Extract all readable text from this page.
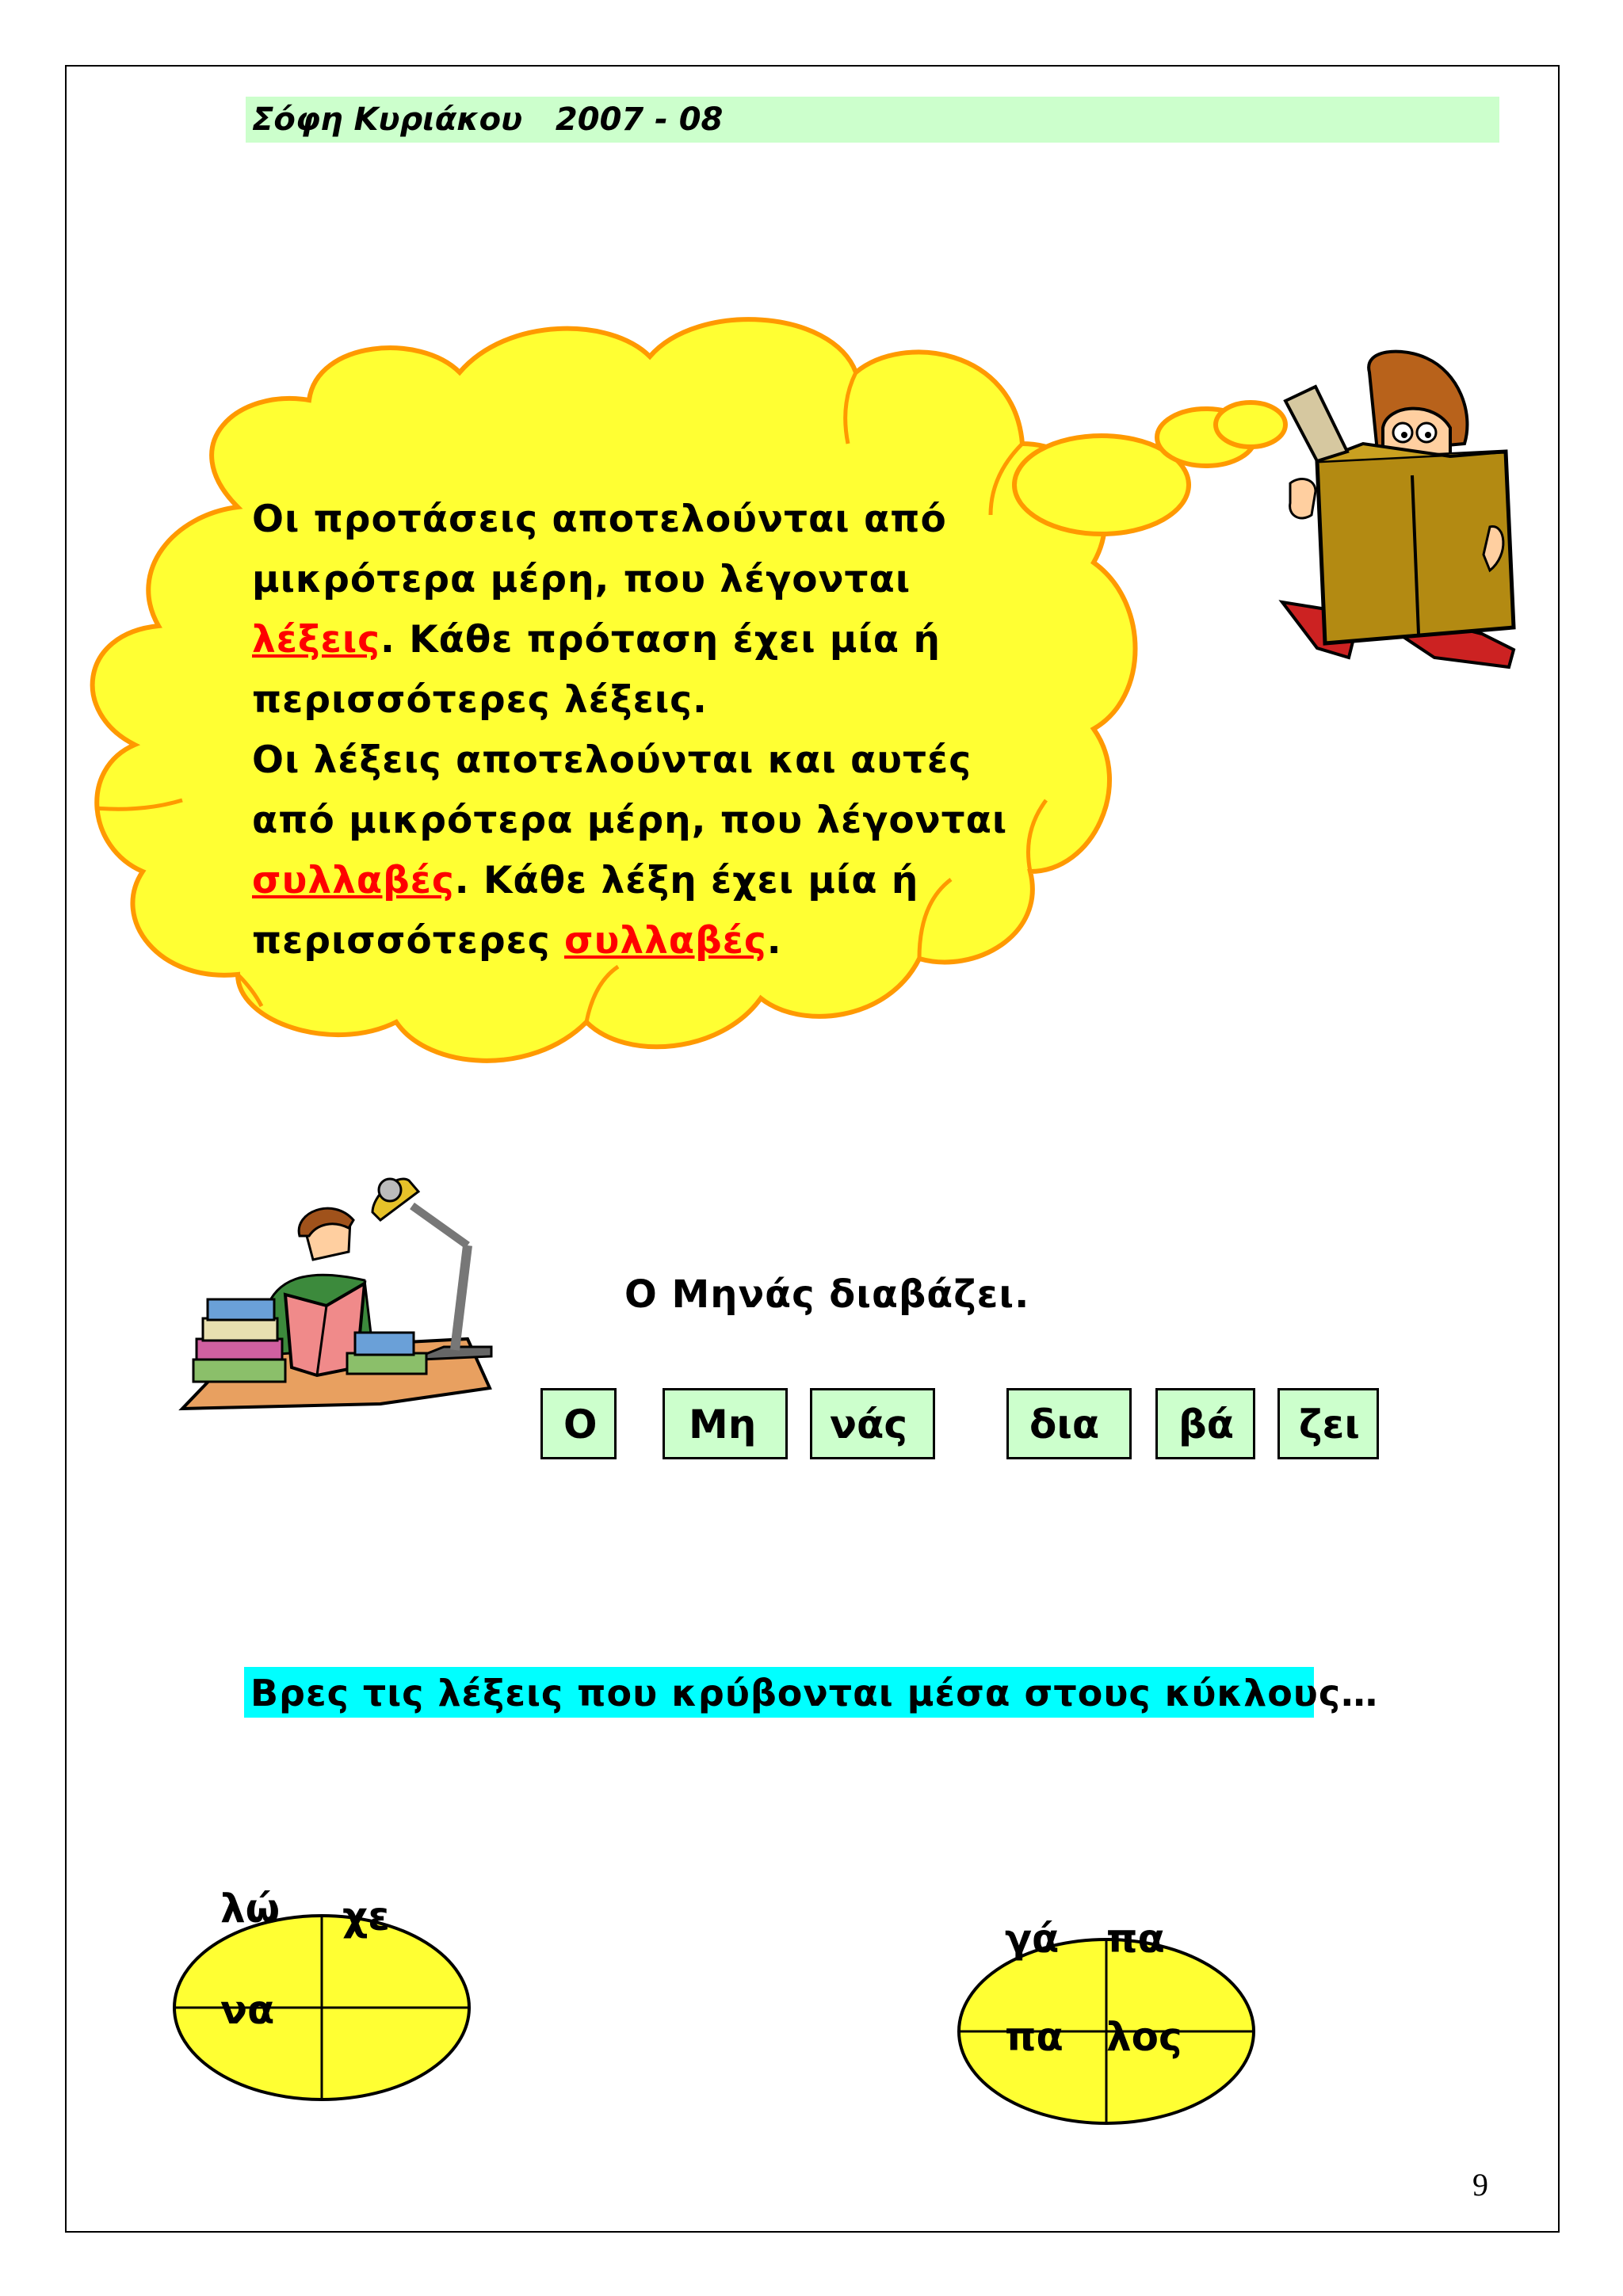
Σόφη Κυριάκου 2007 - 08

Οι προτάσεις αποτελούνται από

μικρότερα μέρη, που λέγονται

λέξεις. Κάθε πρόταση έχει μία ή

περισσότερες λέξεις.

Οι λέξεις αποτελούνται και αυτές

από μικρότερα μέρη, που λέγονται

συλλαβές. Κάθε λέξη έχει μία ή

περισσότερες συλλαβές.

Ο Μηνάς διαβάζει.
Ο	Μη	νάς	δια	βά	ζει
Βρες τις λέξεις που κρύβονται μέσα στους κύκλους…
λώ χε
να
γά πα
πα λος
9
